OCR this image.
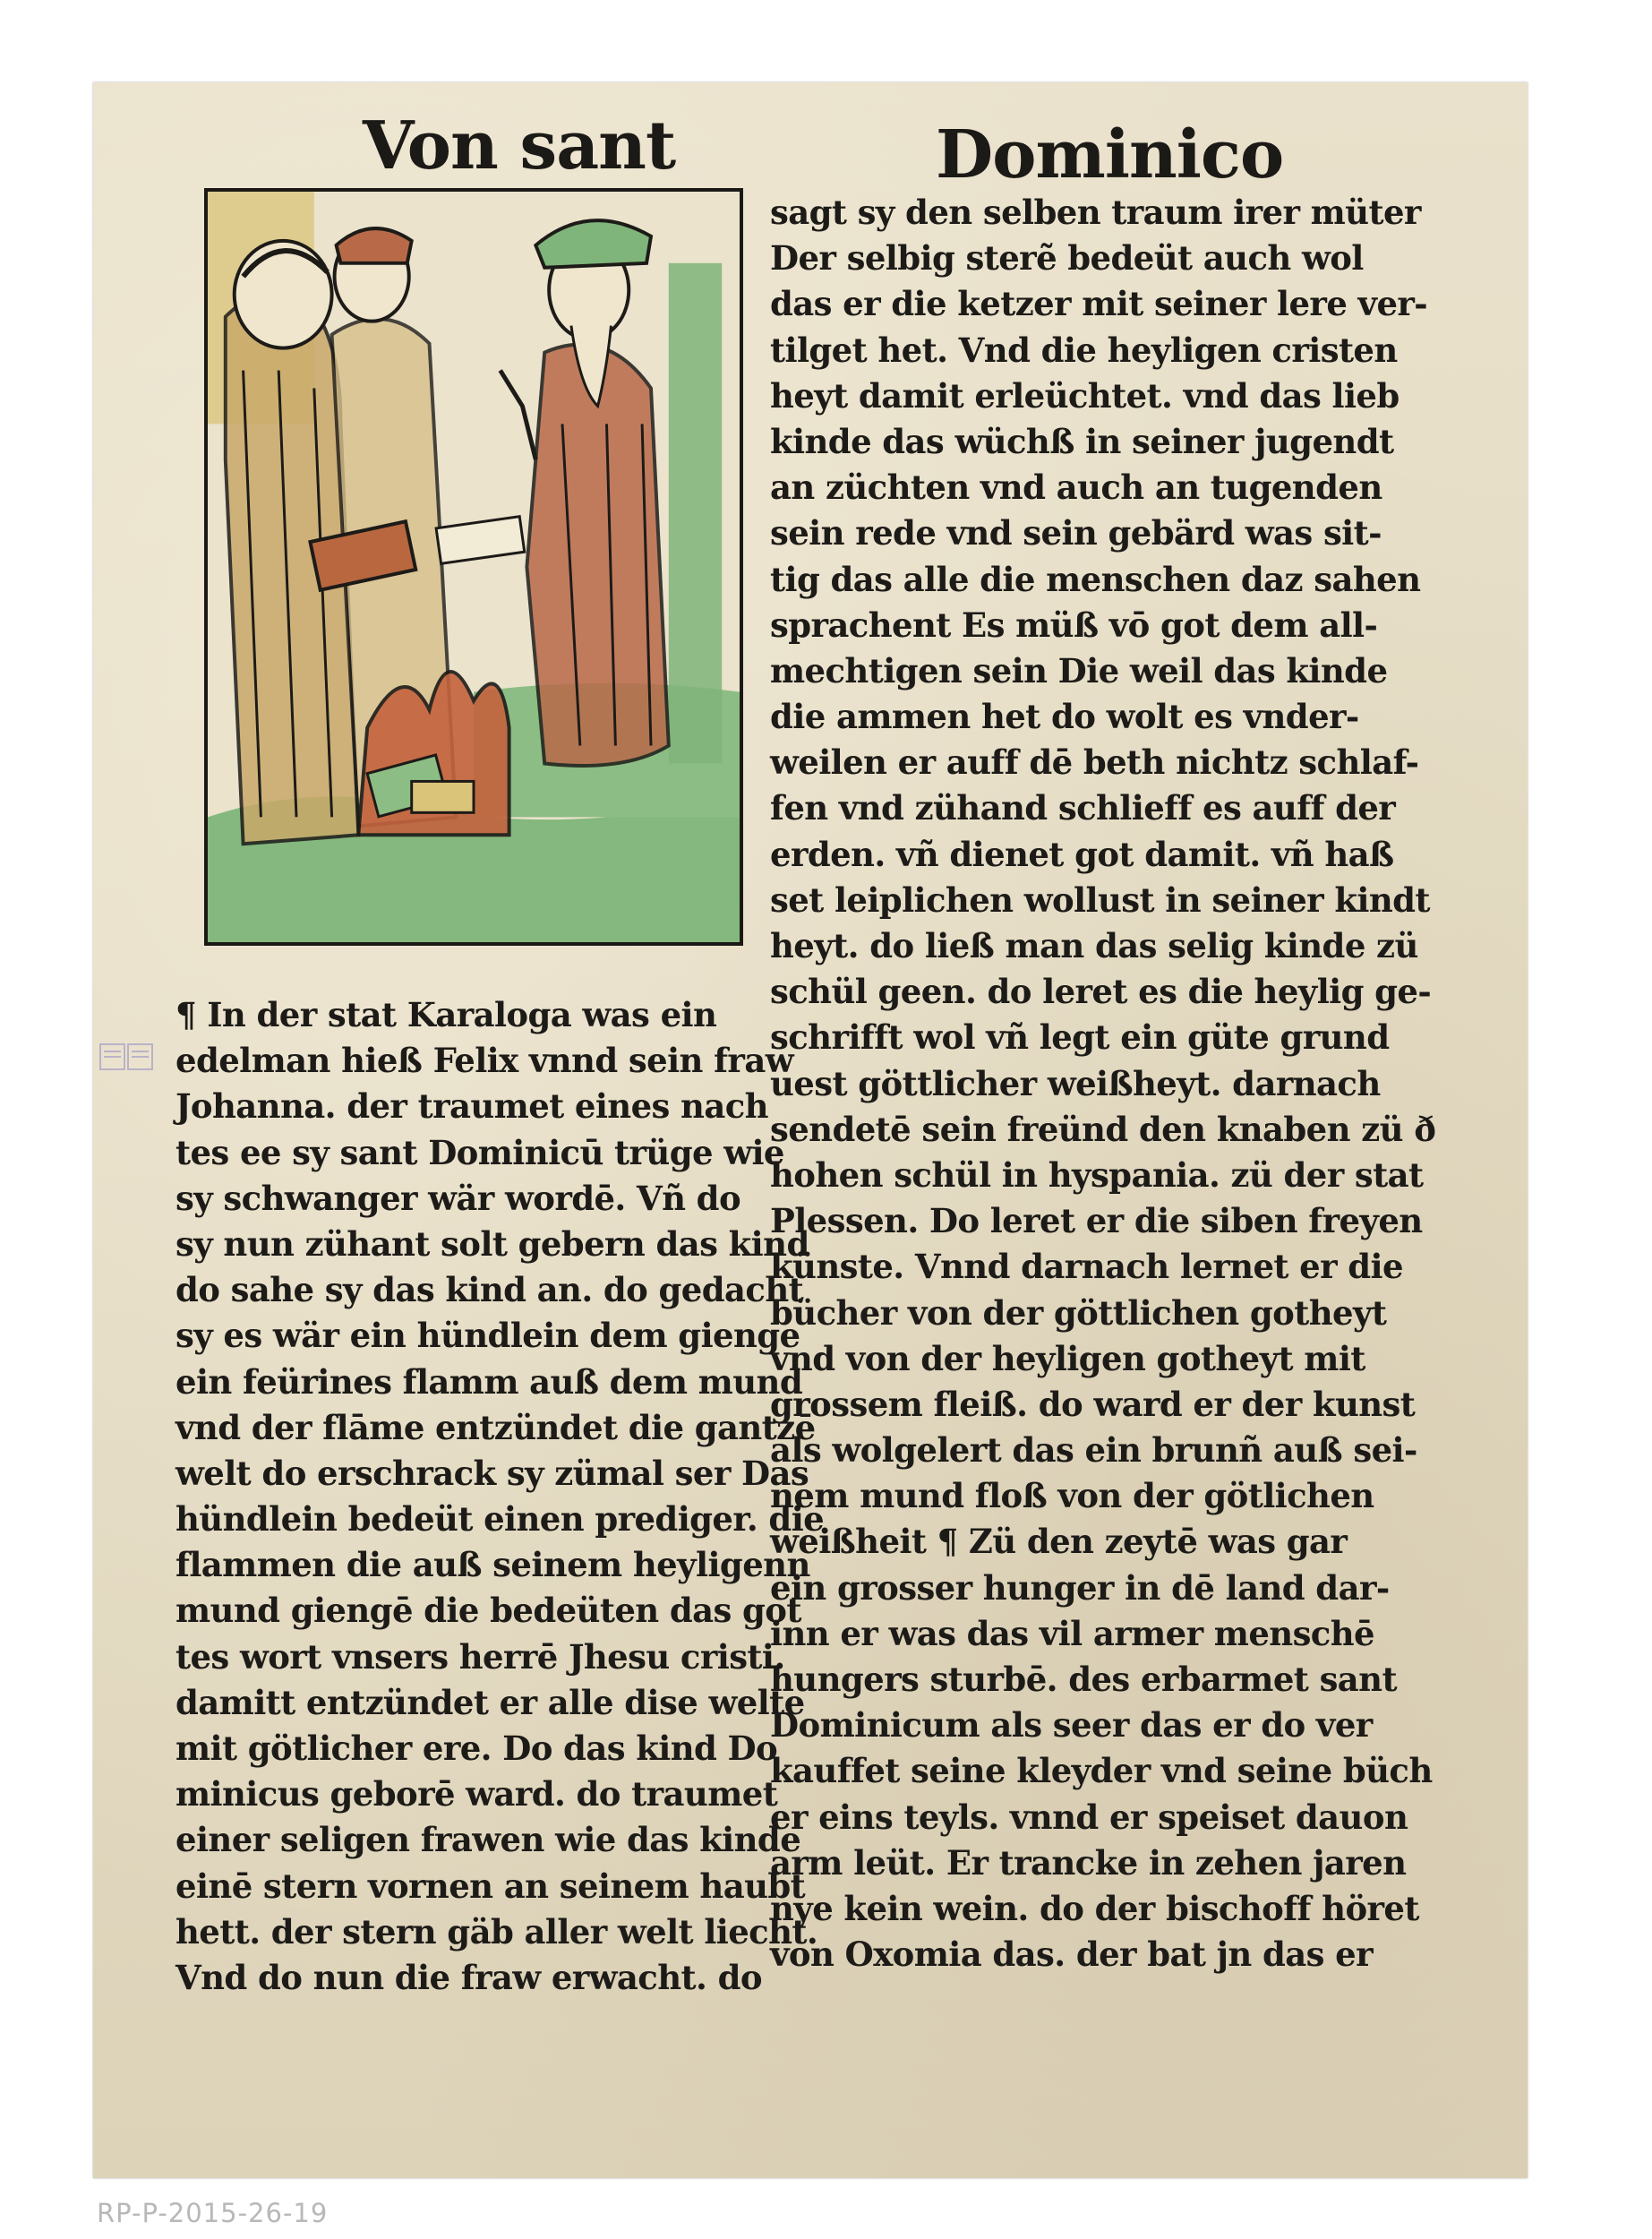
Von sant	Dominico
¶ In der stat Karaloga was ein
edelman hieß Felix vnnd sein fraw
Johanna. der traumet eines nach
tes ee sy sant Dominicū trüge wie
sy schwanger wär wordē. Vñ do
sy nun zühant solt gebern das kind
do sahe sy das kind an. do gedacht
sy es wär ein hündlein dem gienge
ein feürines flamm auß dem mund
vnd der flāme entzündet die gantzē
welt do erschrack sy zümal ser Das
hündlein bedeüt einen prediger. die
flammen die auß seinem heyligenn
mund giengē die bedeüten das got
tes wort vnsers herrē Jhesu cristi.
damitt entzündet er alle dise welte
mit götlicher ere. Do das kind Do
minicus geborē ward. do traumet
einer seligen frawen wie das kinde
einē stern vornen an seinem haubt
hett. der stern gäb aller welt liecht.
Vnd do nun die fraw erwacht. do
sagt sy den selben traum irer müter
Der selbig sterẽ bedeüt auch wol
das er die ketzer mit seiner lere ver-
tilget het. Vnd die heyligen cristen
heyt damit erleüchtet. vnd das lieb
kinde das wüchß in seiner jugendt
an züchten vnd auch an tugenden
sein rede vnd sein gebärd was sit-
tig das alle die menschen daz sahen
sprachent Es müß vō got dem all-
mechtigen sein Die weil das kinde
die ammen het do wolt es vnder-
weilen er auff dē beth nichtz schlaf-
fen vnd zühand schlieff es auff der
erden. vñ dienet got damit. vñ haß
set leiplichen wollust in seiner kindt
heyt. do ließ man das selig kinde zü
schül geen. do leret es die heylig ge-
schrifft wol vñ legt ein güte grund
uest göttlicher weißheyt. darnach
sendetē sein freünd den knaben zü ð
hohen schül in hyspania. zü der stat
Plessen. Do leret er die siben freyen
künste. Vnnd darnach lernet er die
bücher von der göttlichen gotheyt
vnd von der heyligen gotheyt mit
grossem fleiß. do ward er der kunst
als wolgelert das ein brunñ auß sei-
nem mund floß von der götlichen
weißheit ¶ Zü den zeytē was gar
ein grosser hunger in dē land dar-
inn er was das vil armer menschē
hungers sturbē. des erbarmet sant
Dominicum als seer das er do ver
kauffet seine kleyder vnd seine büch
er eins teyls. vnnd er speiset dauon
arm leüt. Er trancke in zehen jaren
nye kein wein. do der bischoff höret
von Oxomia das. der bat jn das er
RP-P-2015-26-19
